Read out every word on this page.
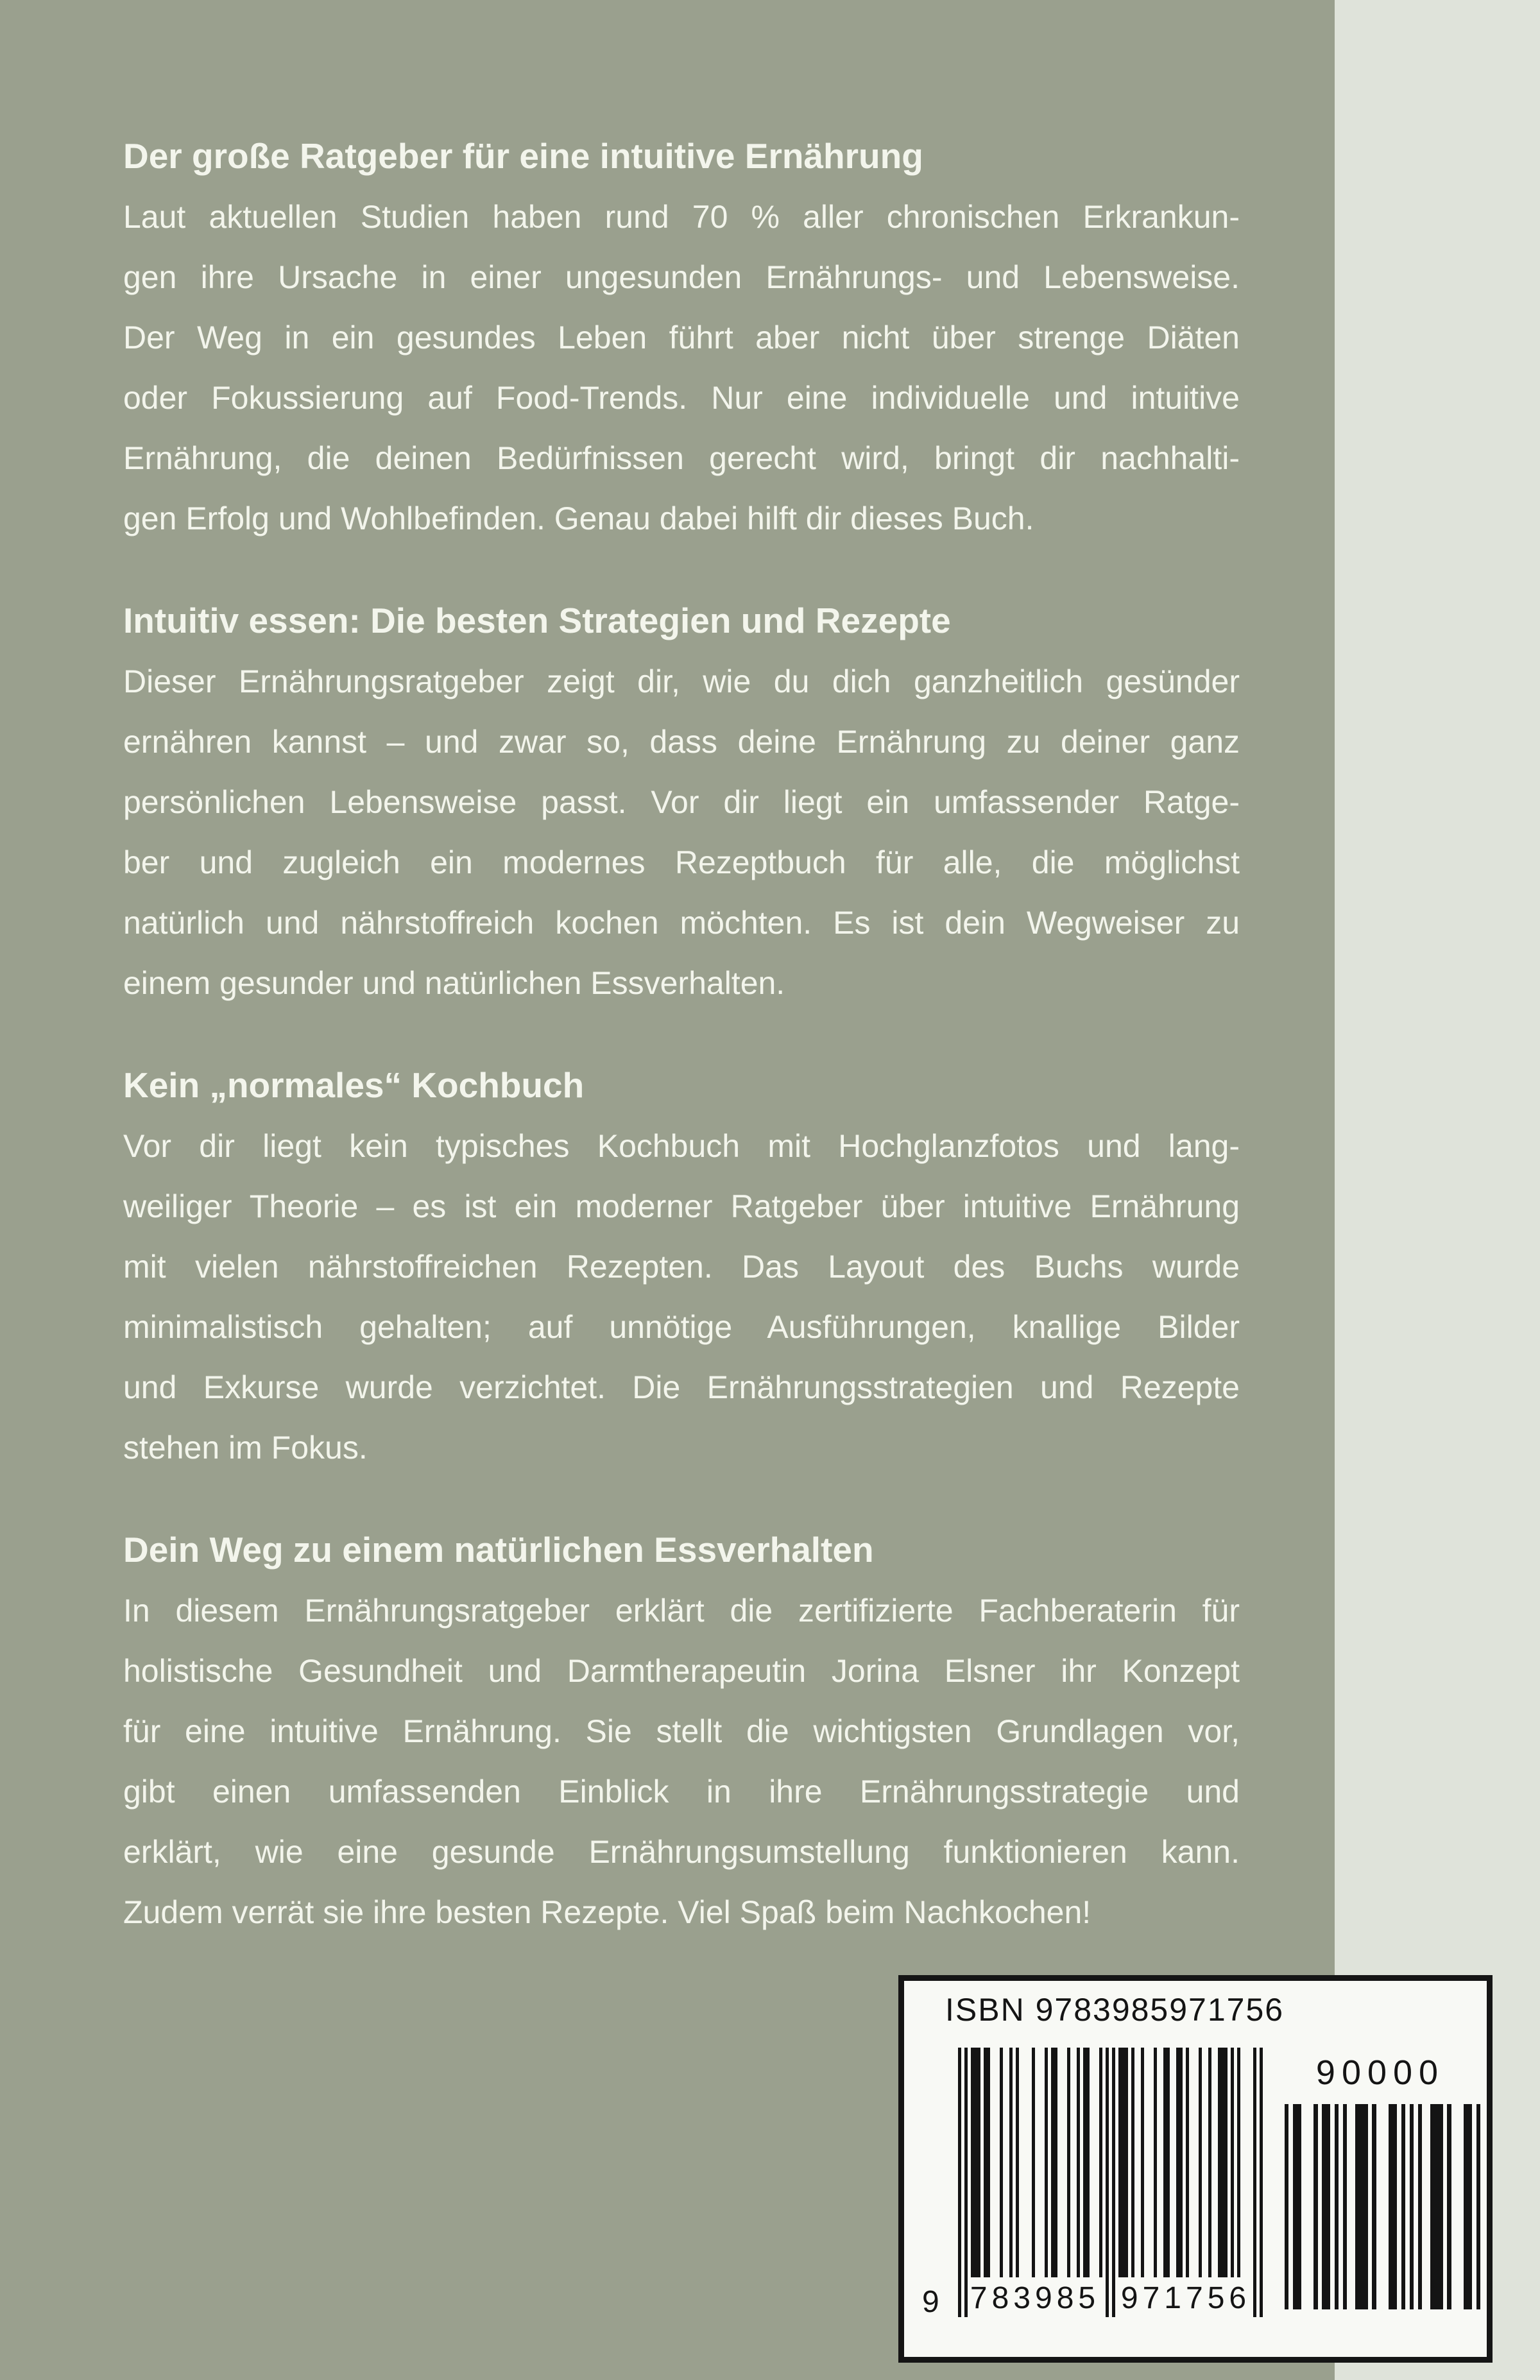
Der große Ratgeber für eine intuitive Ernährung
Laut aktuellen Studien haben rund 70 % aller chronischen Erkrankun-
gen ihre Ursache in einer ungesunden Ernährungs- und Lebensweise.
Der Weg in ein gesundes Leben führt aber nicht über strenge Diäten
oder Fokussierung auf Food-Trends. Nur eine individuelle und intuitive
Ernährung, die deinen Bedürfnissen gerecht wird, bringt dir nachhalti-
gen Erfolg und Wohlbefinden. Genau dabei hilft dir dieses Buch.
Intuitiv essen: Die besten Strategien und Rezepte
Dieser Ernährungsratgeber zeigt dir, wie du dich ganzheitlich gesünder
ernähren kannst – und zwar so, dass deine Ernährung zu deiner ganz
persönlichen Lebensweise passt. Vor dir liegt ein umfassender Ratge-
ber und zugleich ein modernes Rezeptbuch für alle, die möglichst
natürlich und nährstoffreich kochen möchten. Es ist dein Wegweiser zu
einem gesunder und natürlichen Essverhalten.
Kein „normales“ Kochbuch
Vor dir liegt kein typisches Kochbuch mit Hochglanzfotos und lang-
weiliger Theorie – es ist ein moderner Ratgeber über intuitive Ernährung
mit vielen nährstoffreichen Rezepten. Das Layout des Buchs wurde
minimalistisch gehalten; auf unnötige Ausführungen, knallige Bilder
und Exkurse wurde verzichtet. Die Ernährungsstrategien und Rezepte
stehen im Fokus.
Dein Weg zu einem natürlichen Essverhalten
In diesem Ernährungsratgeber erklärt die zertifizierte Fachberaterin für
holistische Gesundheit und Darmtherapeutin Jorina Elsner ihr Konzept
für eine intuitive Ernährung. Sie stellt die wichtigsten Grundlagen vor,
gibt einen umfassenden Einblick in ihre Ernährungsstrategie und
erklärt, wie eine gesunde Ernährungsumstellung funktionieren kann.
Zudem verrät sie ihre besten Rezepte. Viel Spaß beim Nachkochen!
ISBN 9783985971756
9 783985 971756
90000
